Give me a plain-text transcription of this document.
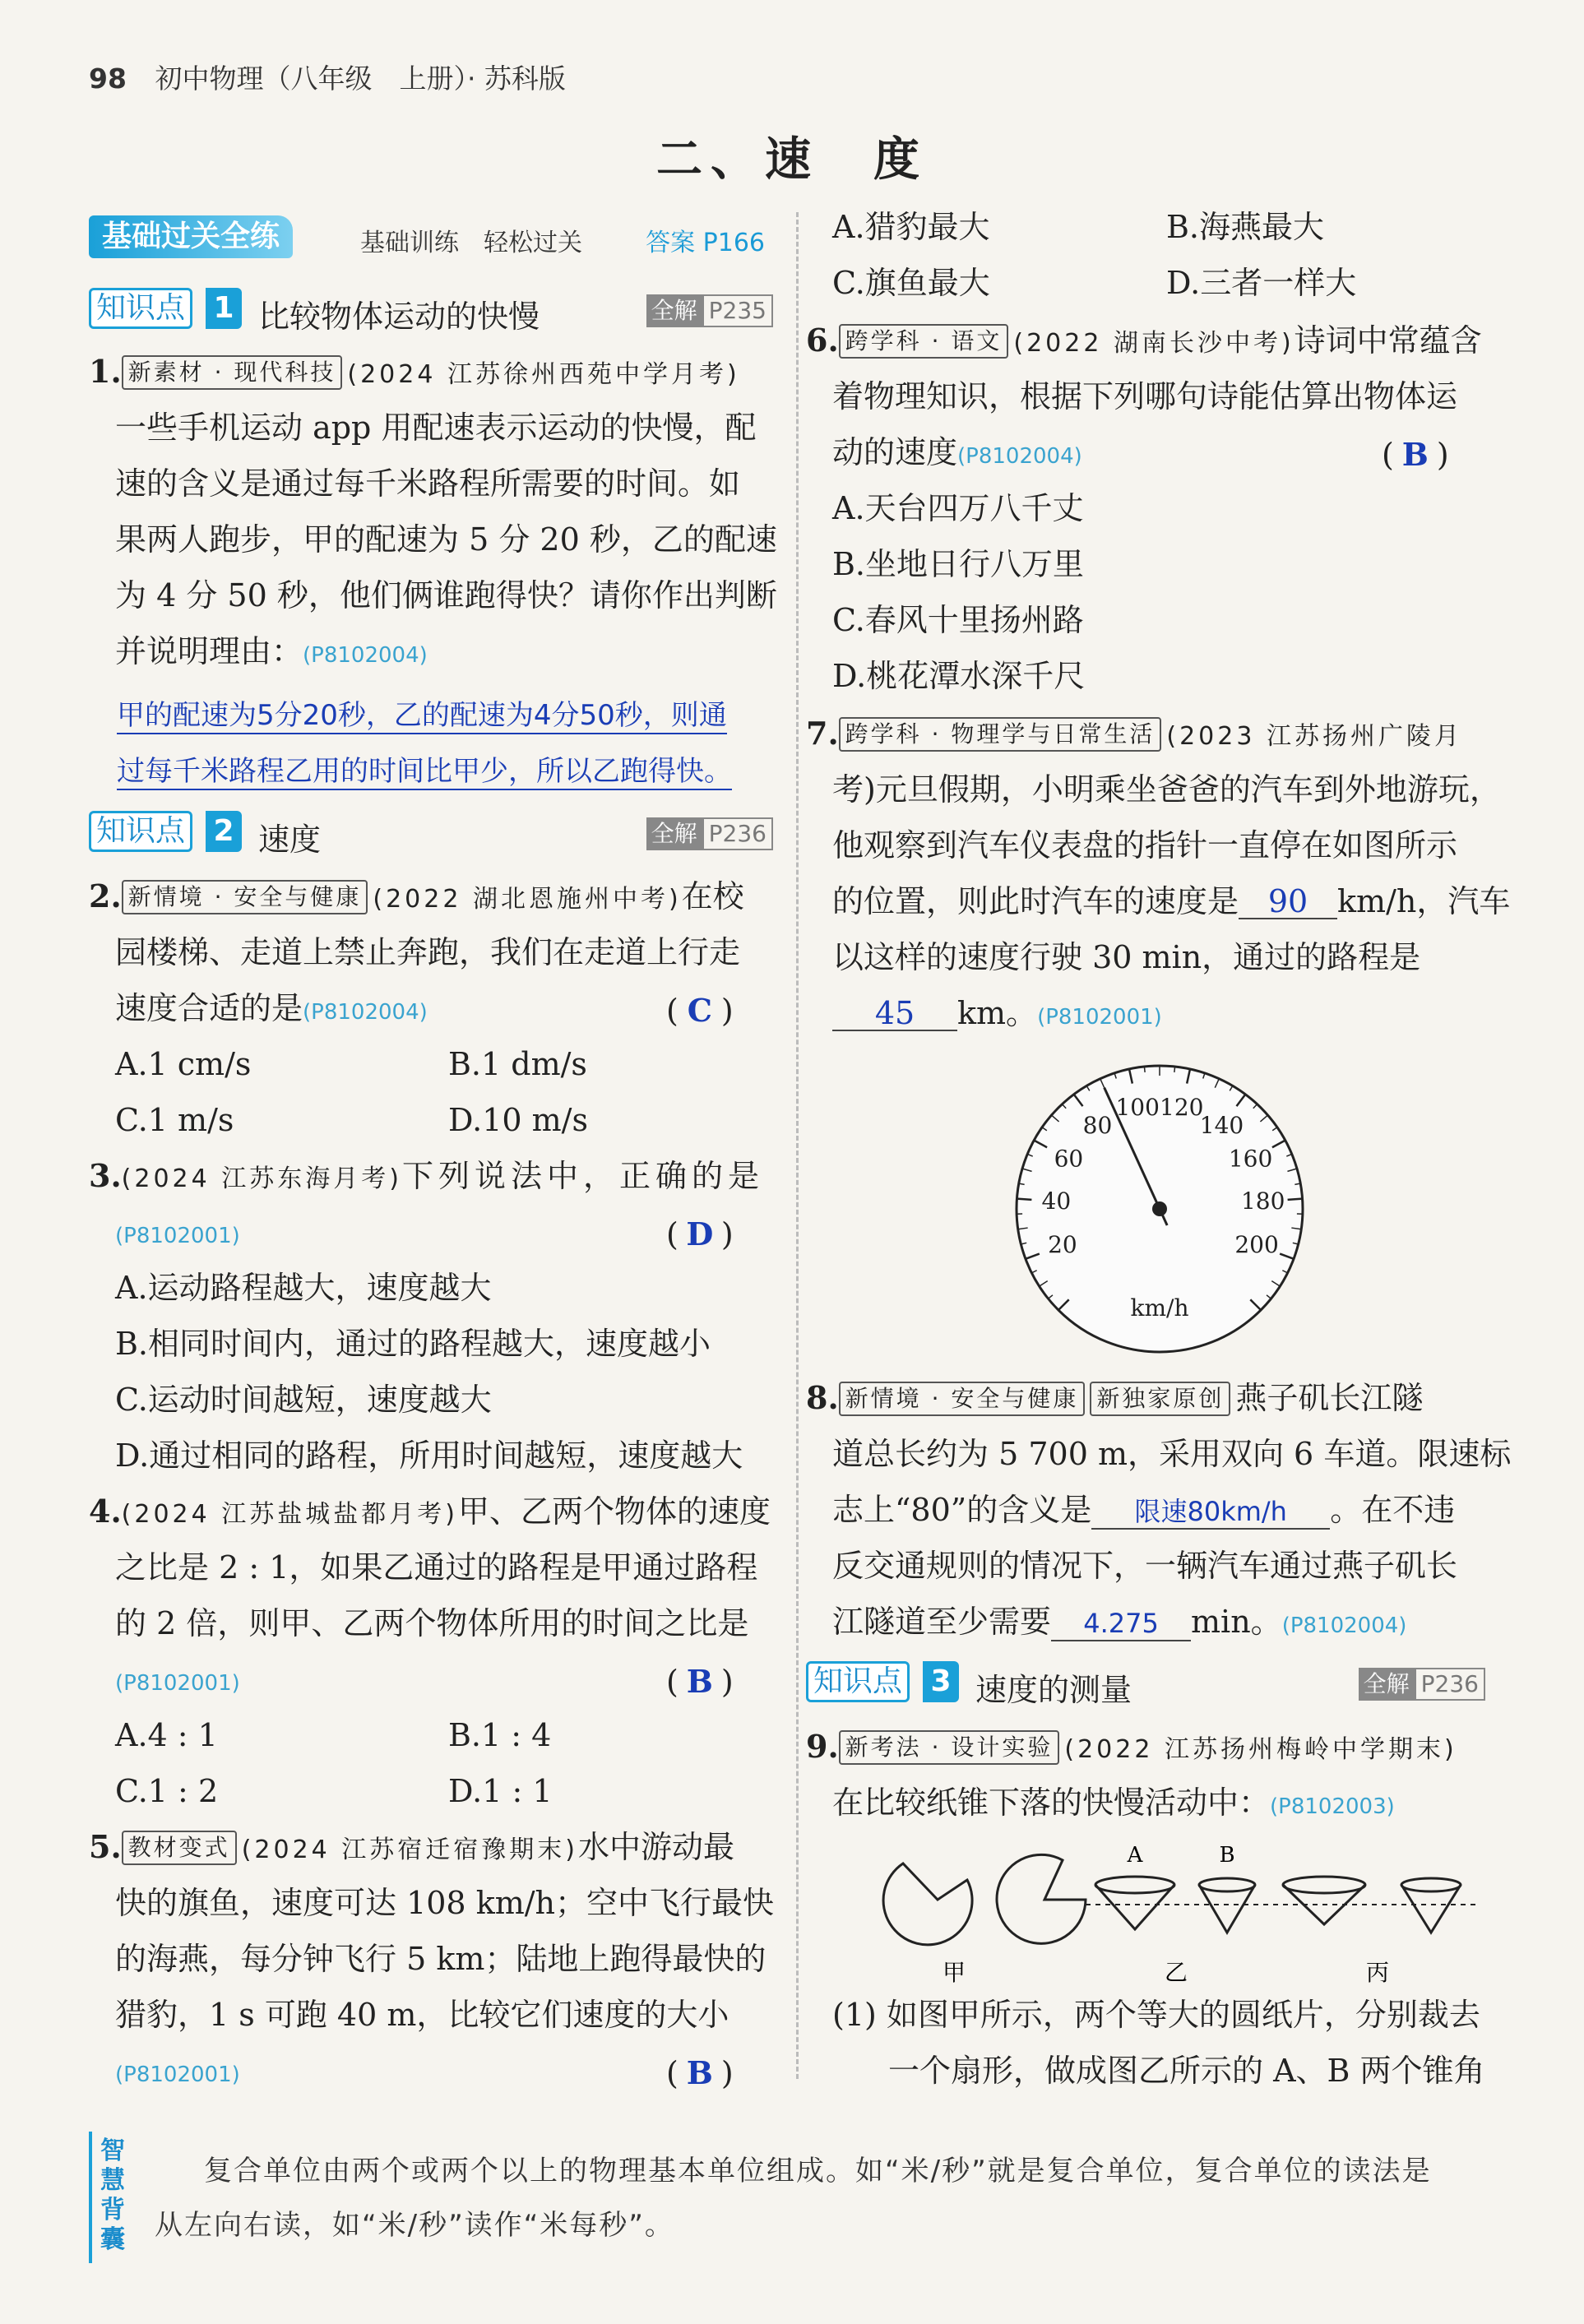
98 初中物理（八年级　上册）· 苏科版
二、速　度
基础过关全练	基础训练　轻松过关	答案 P166
知识点 1 比较物体运动的快慢	全解 P235
1. 新素材 · 现代科技 (2024 江苏徐州西苑中学月考)
一些手机运动 app 用配速表示运动的快慢，配
速的含义是通过每千米路程所需要的时间。如
果两人跑步，甲的配速为 5 分 20 秒，乙的配速
为 4 分 50 秒，他们俩谁跑得快？请你作出判断
并说明理由：(P8102004)
甲的配速为5分20秒，乙的配速为4分50秒，则通
过每千米路程乙用的时间比甲少，所以乙跑得快。
知识点 2 速度	全解 P236
2. 新情境 · 安全与健康 (2022 湖北恩施州中考)在校
园楼梯、走道上禁止奔跑，我们在走道上行走
速度合适的是(P8102004)	( C )
A.1 cm/s	B.1 dm/s
C.1 m/s	D.10 m/s
3.(2024 江苏东海月考)下列说法中，正确的是
(P8102001)	( D )
A.运动路程越大，速度越大
B.相同时间内，通过的路程越大，速度越小
C.运动时间越短，速度越大
D.通过相同的路程，所用时间越短，速度越大
4.(2024 江苏盐城盐都月考)甲、乙两个物体的速度
之比是 2 : 1，如果乙通过的路程是甲通过路程
的 2 倍，则甲、乙两个物体所用的时间之比是
(P8102001)	( B )
A.4 : 1	B.1 : 4
C.1 : 2	D.1 : 1
5. 教材变式 (2024 江苏宿迁宿豫期末)水中游动最
快的旗鱼，速度可达 108 km/h；空中飞行最快
的海燕，每分钟飞行 5 km；陆地上跑得最快的
猎豹，1 s 可跑 40 m，比较它们速度的大小
(P8102001)	( B )
A.猎豹最大	B.海燕最大
C.旗鱼最大	D.三者一样大
6. 跨学科 · 语文 (2022 湖南长沙中考)诗词中常蕴含
着物理知识，根据下列哪句诗能估算出物体运
动的速度(P8102004)	( B )
A.天台四万八千丈
B.坐地日行八万里
C.春风十里扬州路
D.桃花潭水深千尺
7. 跨学科 · 物理学与日常生活 (2023 江苏扬州广陵月
考)元旦假期，小明乘坐爸爸的汽车到外地游玩，
他观察到汽车仪表盘的指针一直停在如图所示
的位置，则此时汽车的速度是 90 km/h，汽车
以这样的速度行驶 30 min，通过的路程是
45 km。(P8102001)
20
40
60
80
100 120
140
160
180
200
km/h
8. 新情境 · 安全与健康 新独家原创 燕子矶长江隧
道总长约为 5 700 m，采用双向 6 车道。限速标
志上“80”的含义是 限速80km/h 。在不违
反交通规则的情况下，一辆汽车通过燕子矶长
江隧道至少需要 4.275 min。(P8102004)
知识点 3 速度的测量	全解 P236
9. 新考法 · 设计实验 (2022 江苏扬州梅岭中学期末)
在比较纸锥下落的快慢活动中：(P8102003)
A	B
甲	乙	丙
(1) 如图甲所示，两个等大的圆纸片，分别裁去
一个扇形，做成图乙所示的 A、B 两个锥角
智
慧
背
囊
复合单位由两个或两个以上的物理基本单位组成。如“米/秒”就是复合单位，复合单位的读法是
从左向右读，如“米/秒”读作“米每秒”。
